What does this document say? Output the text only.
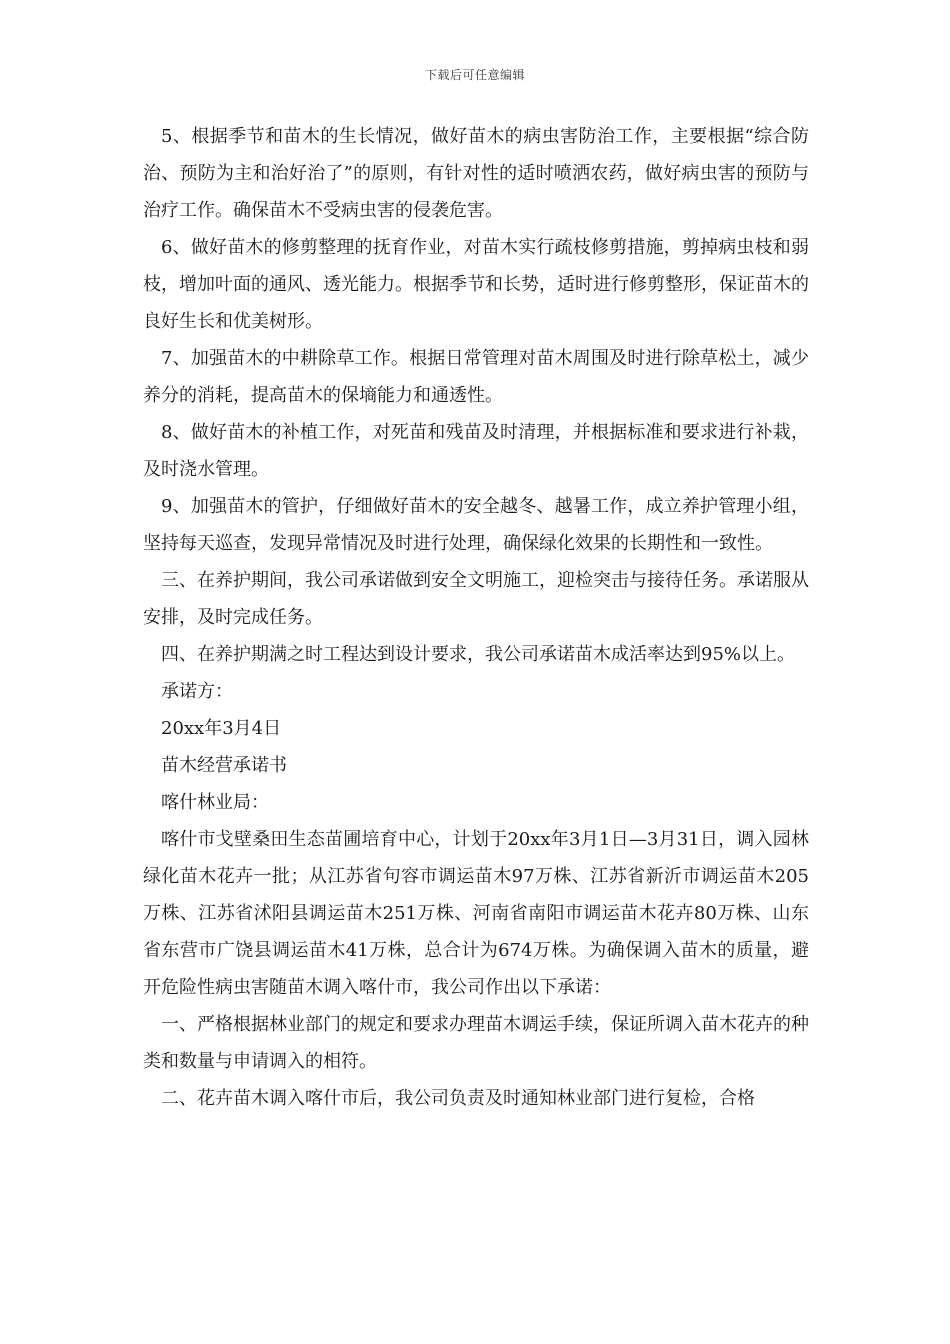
下载后可任意编辑

5、根据季节和苗木的生长情况，做好苗木的病虫害防治工作，主要根据“综合防治、预防为主和治好治了”的原则，有针对性的适时喷洒农药，做好病虫害的预防与治疗工作。确保苗木不受病虫害的侵袭危害。

6、做好苗木的修剪整理的抚育作业，对苗木实行疏枝修剪措施，剪掉病虫枝和弱枝，增加叶面的通风、透光能力。根据季节和长势，适时进行修剪整形，保证苗木的良好生长和优美树形。

7、加强苗木的中耕除草工作。根据日常管理对苗木周围及时进行除草松土，减少养分的消耗，提高苗木的保墒能力和通透性。

8、做好苗木的补植工作，对死苗和残苗及时清理，并根据标准和要求进行补栽，及时浇水管理。

9、加强苗木的管护，仔细做好苗木的安全越冬、越暑工作，成立养护管理小组，坚持每天巡查，发现异常情况及时进行处理，确保绿化效果的长期性和一致性。

三、在养护期间，我公司承诺做到安全文明施工，迎检突击与接待任务。承诺服从安排，及时完成任务。

四、在养护期满之时工程达到设计要求，我公司承诺苗木成活率达到95%以上。

承诺方：

20xx年3月4日

苗木经营承诺书

喀什林业局：

喀什市戈壁桑田生态苗圃培育中心，计划于20xx年3月1日—3月31日，调入园林绿化苗木花卉一批；从江苏省句容市调运苗木97万株、江苏省新沂市调运苗木205万株、江苏省沭阳县调运苗木251万株、河南省南阳市调运苗木花卉80万株、山东省东营市广饶县调运苗木41万株，总合计为674万株。为确保调入苗木的质量，避开危险性病虫害随苗木调入喀什市，我公司作出以下承诺：

一、严格根据林业部门的规定和要求办理苗木调运手续，保证所调入苗木花卉的种类和数量与申请调入的相符。

二、花卉苗木调入喀什市后，我公司负责及时通知林业部门进行复检，合格
